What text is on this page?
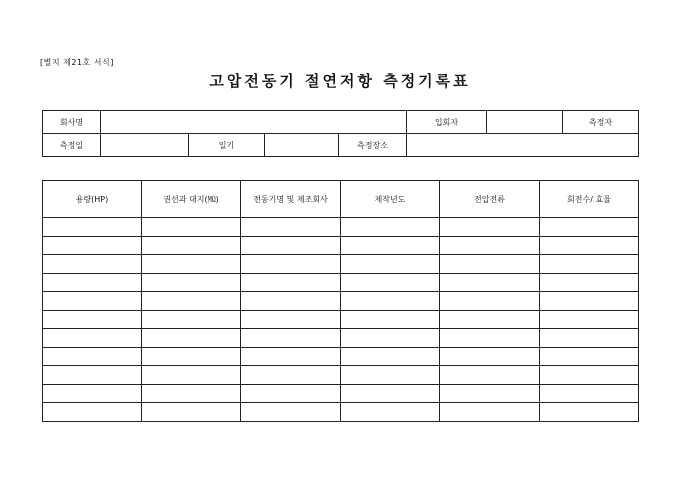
[별지 제21호 서식]
고압전동기 절연저항 측정기록표
회사명					입회자		측정자	
측정일		일기		측정장소				
용량(HP)	권선과 대지(㏁)	전동기명 및 제조회사	제작년도	전압전류	회전수/ 효율
